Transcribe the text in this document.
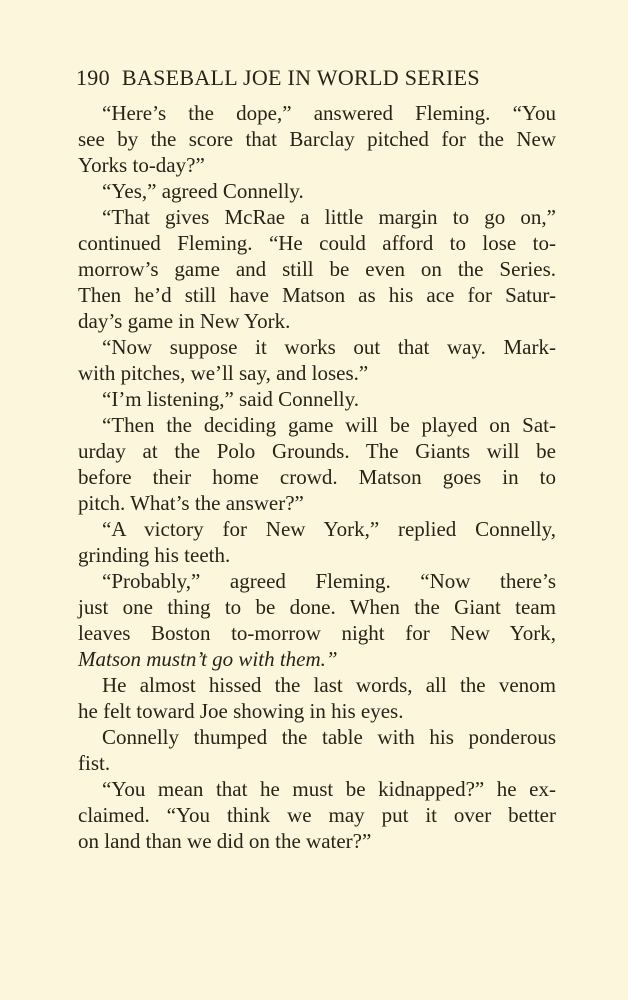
190 BASEBALL JOE IN WORLD SERIES
“Here’s the dope,” answered Fleming. “You
see by the score that Barclay pitched for the New
Yorks to-day?”
“Yes,” agreed Connelly.
“That gives McRae a little margin to go on,”
continued Fleming. “He could afford to lose to-
morrow’s game and still be even on the Series.
Then he’d still have Matson as his ace for Satur-
day’s game in New York.
“Now suppose it works out that way. Mark-
with pitches, we’ll say, and loses.”
“I’m listening,” said Connelly.
“Then the deciding game will be played on Sat-
urday at the Polo Grounds. The Giants will be
before their home crowd. Matson goes in to
pitch. What’s the answer?”
“A victory for New York,” replied Connelly,
grinding his teeth.
“Probably,” agreed Fleming. “Now there’s
just one thing to be done. When the Giant team
leaves Boston to-morrow night for New York,
Matson mustn’t go with them.”
He almost hissed the last words, all the venom
he felt toward Joe showing in his eyes.
Connelly thumped the table with his ponderous
fist.
“You mean that he must be kidnapped?” he ex-
claimed. “You think we may put it over better
on land than we did on the water?”
